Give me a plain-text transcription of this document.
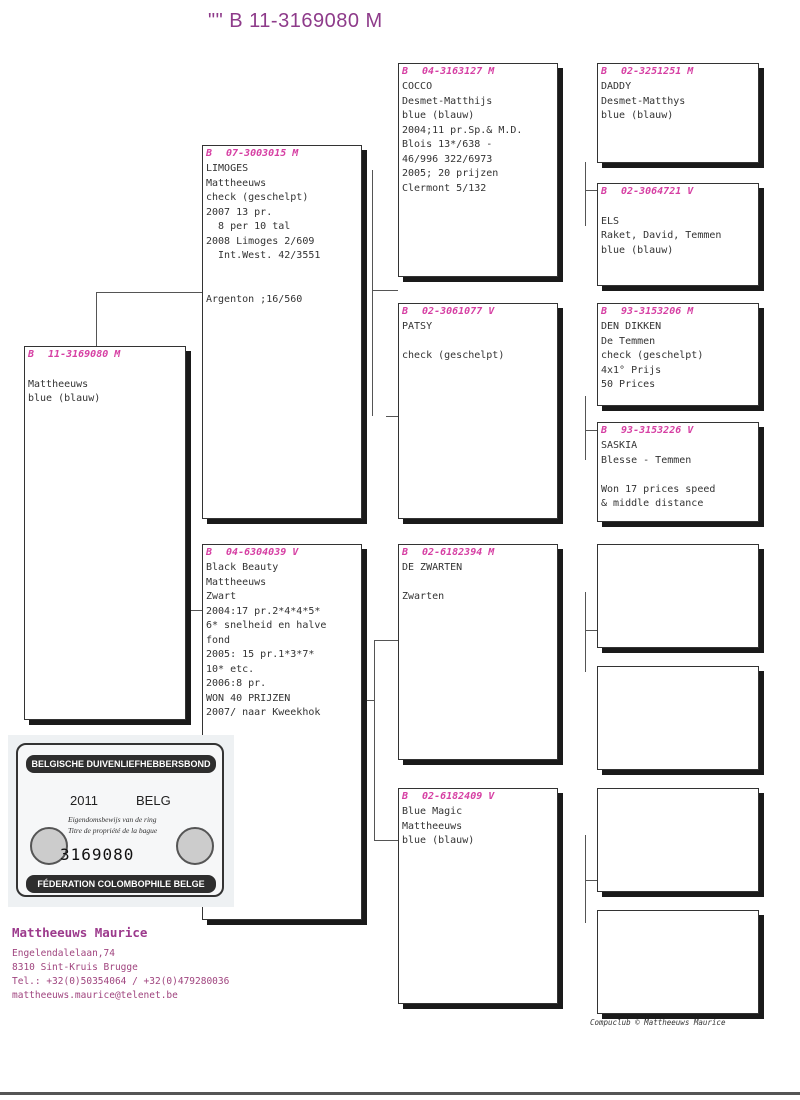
"" B 11-3169080 M
B 11-3169080 M

Mattheeuws
blue (blauw)
B 07-3003015 M
LIMOGES
Mattheeuws
check (geschelpt)
2007 13 pr.
8 per 10 tal
2008 Limoges 2/609
Int.West. 42/3551

Argenton ;16/560
B 04-6304039 V
Black Beauty
Mattheeuws
Zwart
2004:17 pr.2*4*4*5*
6* snelheid en halve
fond
2005: 15 pr.1*3*7*
10* etc.
2006:8 pr.
WON 40 PRIJZEN
2007/ naar Kweekhok
B 04-3163127 M
COCCO
Desmet-Matthijs
blue (blauw)
2004;11 pr.Sp.& M.D.
Blois 13*/638 -
46/996 322/6973
2005; 20 prijzen
Clermont 5/132
B 02-3061077 V
PATSY

check (geschelpt)
B 02-6182394 M
DE ZWARTEN

Zwarten
B 02-6182409 V
Blue Magic
Mattheeuws
blue (blauw)
B 02-3251251 M
DADDY
Desmet-Matthys
blue (blauw)
B 02-3064721 V

ELS
Raket, David, Temmen
blue (blauw)
B 93-3153206 M
DEN DIKKEN
De Temmen
check (geschelpt)
4x1° Prijs
50 Prices
B 93-3153226 V
SASKIA
Blesse - Temmen

Won 17 prices speed
& middle distance
BELGISCHE DUIVENLIEFHEBBERSBOND
2011	BELG
Eigendomsbewijs van de ring
Titre de propriété de la bague
3169080
FÉDERATION COLOMBOPHILE BELGE
Mattheeuws Maurice
Engelendalelaan,74
8310 Sint-Kruis Brugge
Tel.: +32(0)50354064 / +32(0)479280036
mattheeuws.maurice@telenet.be
Compuclub © Mattheeuws Maurice
